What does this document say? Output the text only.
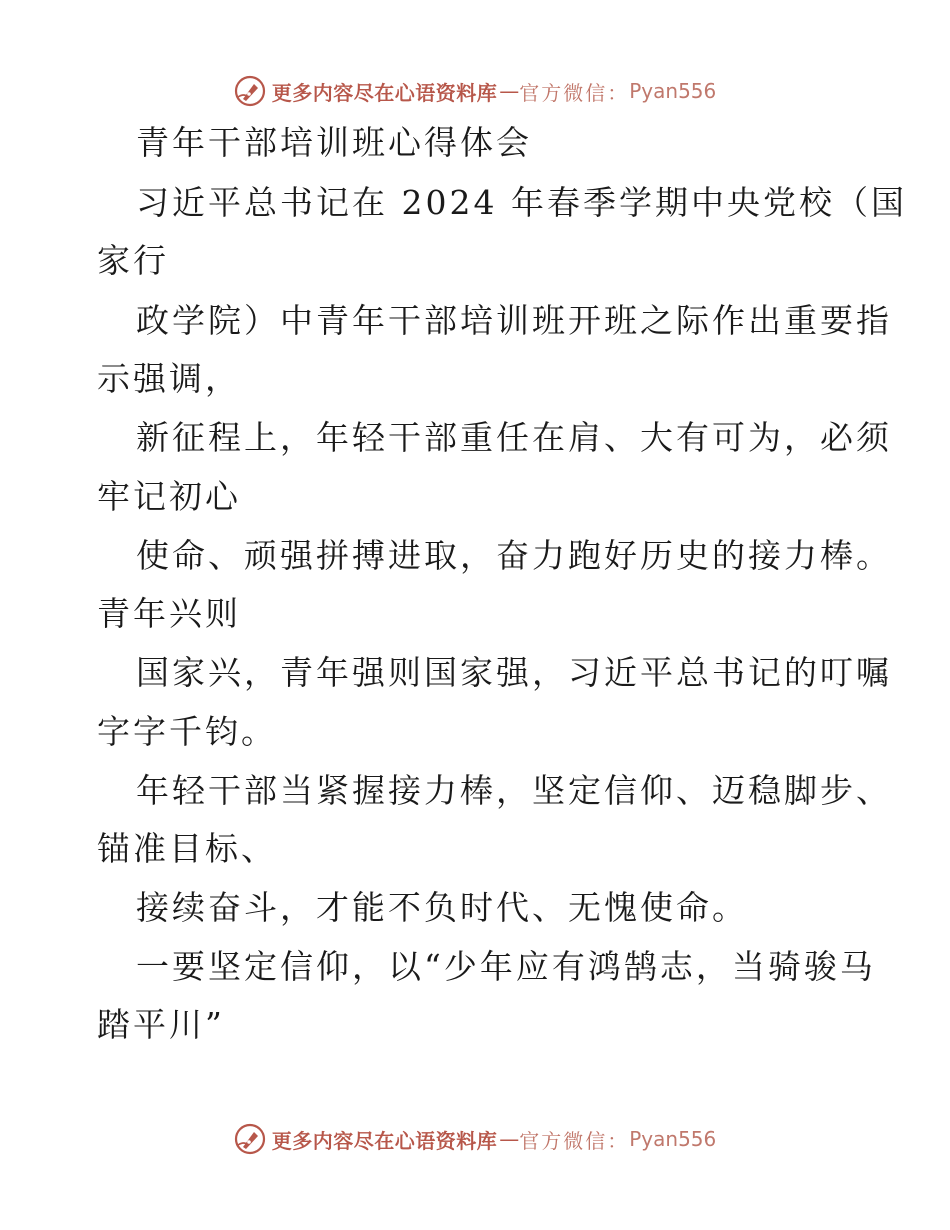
更多内容尽在心语资料库 — 官方微信： Pyan556
青年干部培训班心得体会
习近平总书记在 2024 年春季学期中央党校（国
家行
政学院）中青年干部培训班开班之际作出重要指
示强调，
新征程上，年轻干部重任在肩、大有可为，必须
牢记初心
使命、顽强拼搏进取，奋力跑好历史的接力棒。
青年兴则
国家兴，青年强则国家强，习近平总书记的叮嘱
字字千钧。
年轻干部当紧握接力棒，坚定信仰、迈稳脚步、
锚准目标、
接续奋斗，才能不负时代、无愧使命。
一要坚定信仰，以“少年应有鸿鹄志，当骑骏马
踏平川”
更多内容尽在心语资料库 — 官方微信： Pyan556
